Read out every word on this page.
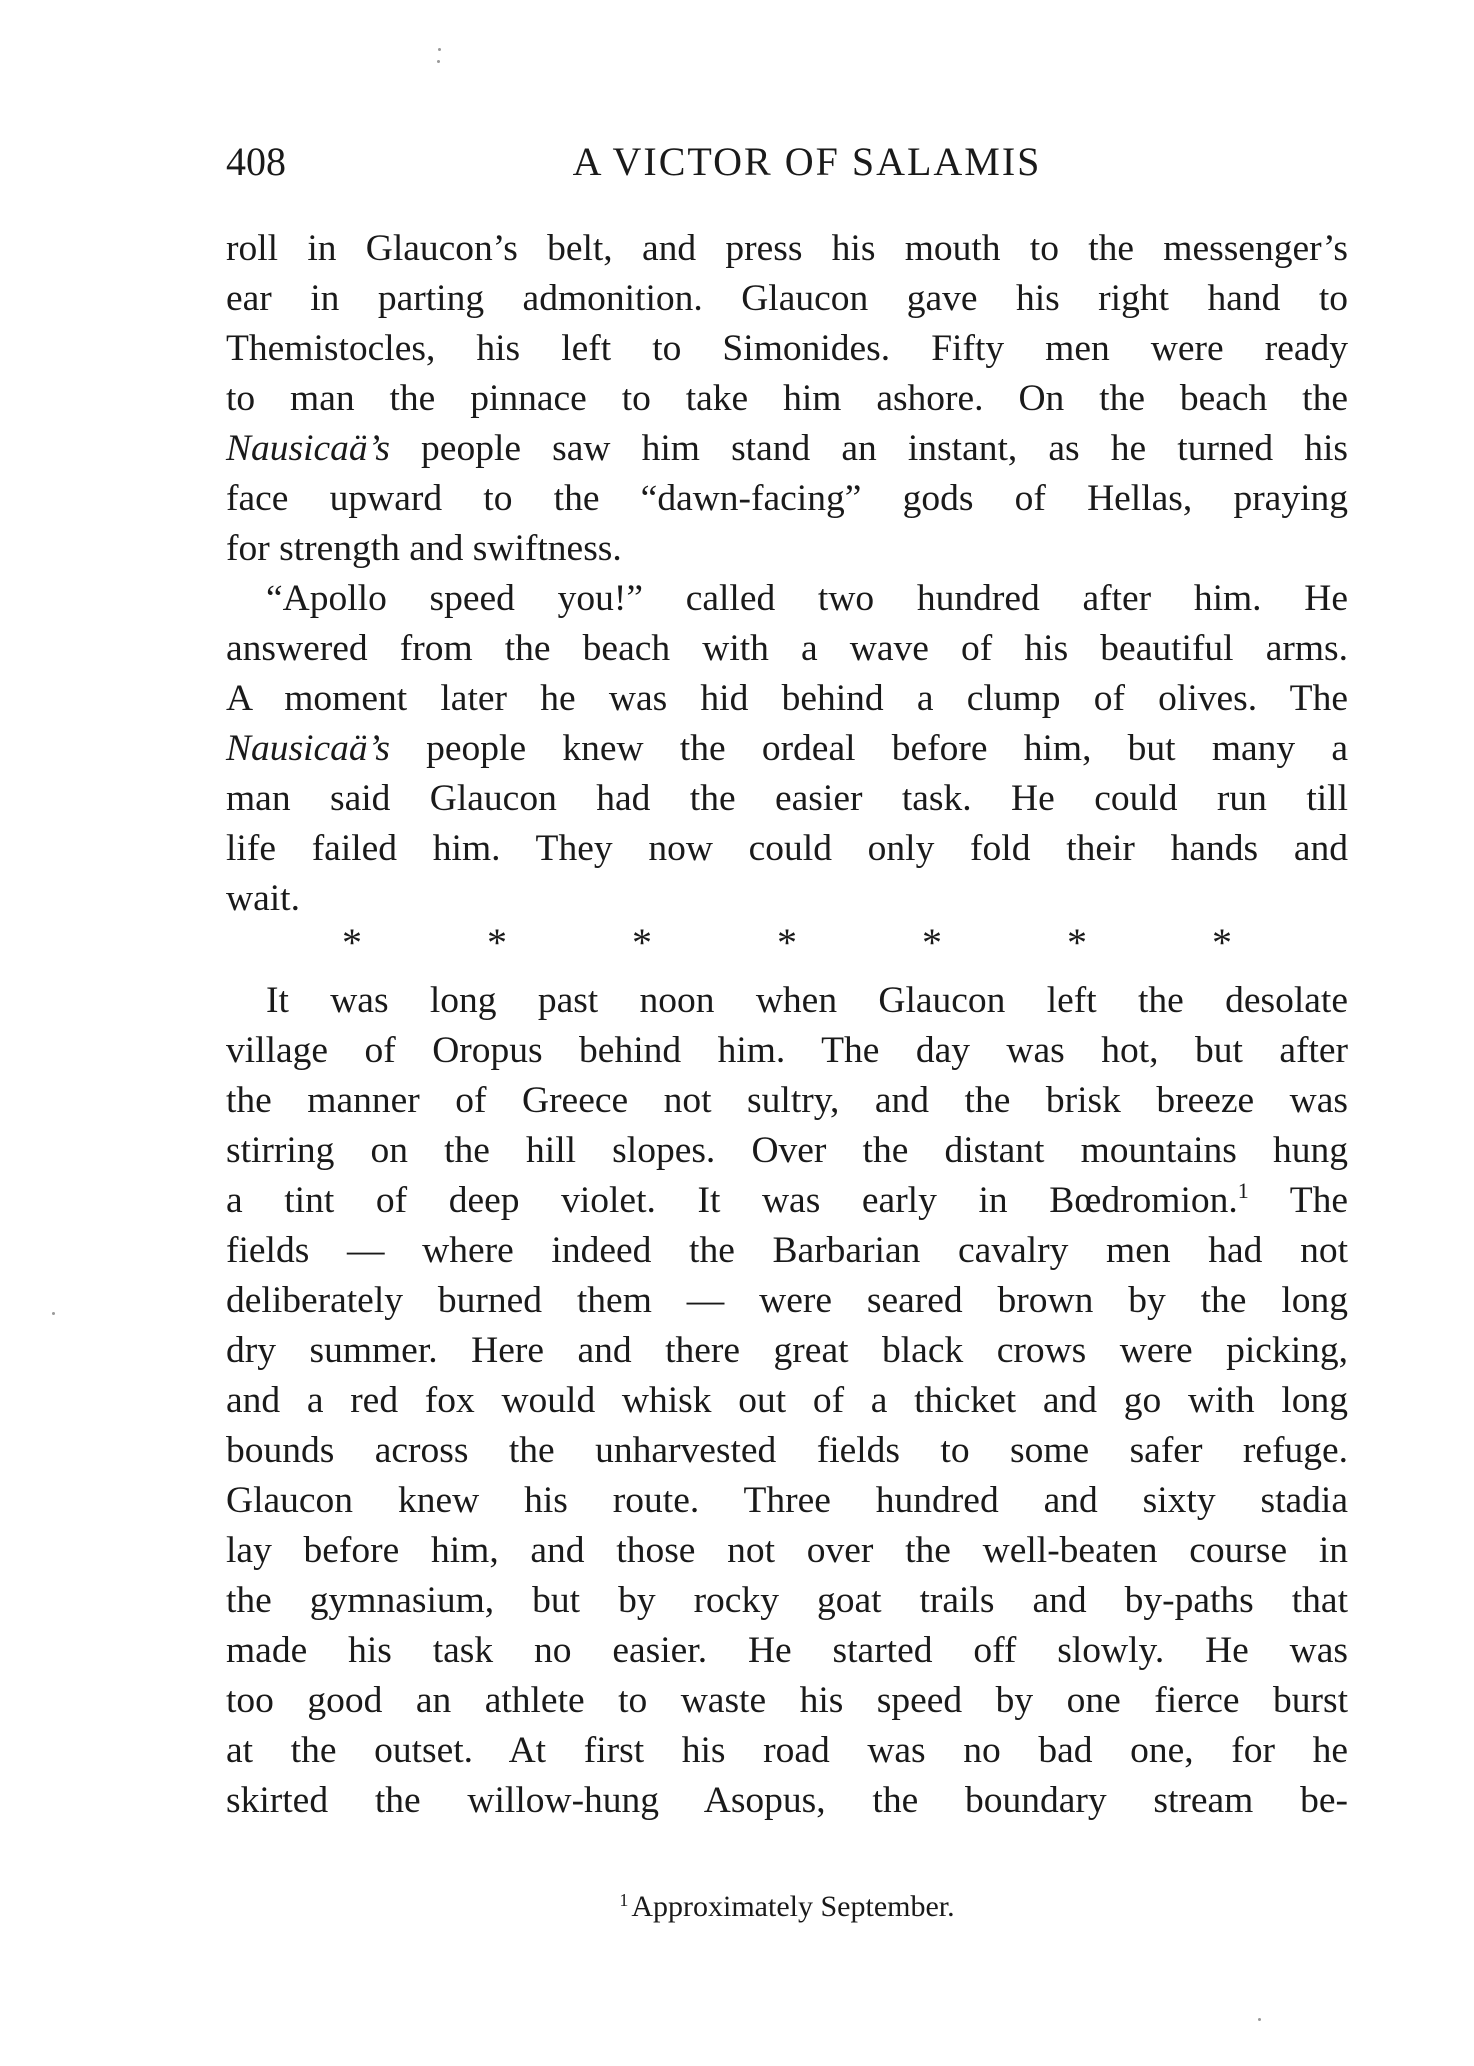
408	A VICTOR OF SALAMIS
roll in Glaucon’s belt, and press his mouth to the messenger’s
ear in parting admonition. Glaucon gave his right hand to
Themistocles, his left to Simonides. Fifty men were ready
to man the pinnace to take him ashore. On the beach the
Nausicaä’s people saw him stand an instant, as he turned his
face upward to the “dawn-facing” gods of Hellas, praying
for strength and swiftness.
“Apollo speed you!” called two hundred after him. He
answered from the beach with a wave of his beautiful arms.
A moment later he was hid behind a clump of olives. The
Nausicaä’s people knew the ordeal before him, but many a
man said Glaucon had the easier task. He could run till
life failed him. They now could only fold their hands and
wait.
*	*	*	*	*	*	*
It was long past noon when Glaucon left the desolate
village of Oropus behind him. The day was hot, but after
the manner of Greece not sultry, and the brisk breeze was
stirring on the hill slopes. Over the distant mountains hung
a tint of deep violet. It was early in Bœdromion.$^1$ The
fields — where indeed the Barbarian cavalry men had not
deliberately burned them — were seared brown by the long
dry summer. Here and there great black crows were picking,
and a red fox would whisk out of a thicket and go with long
bounds across the unharvested fields to some safer refuge.
Glaucon knew his route. Three hundred and sixty stadia
lay before him, and those not over the well-beaten course in
the gymnasium, but by rocky goat trails and by-paths that
made his task no easier. He started off slowly. He was
too good an athlete to waste his speed by one fierce burst
at the outset. At first his road was no bad one, for he
skirted the willow-hung Asopus, the boundary stream be-
$^1$ Approximately September.
